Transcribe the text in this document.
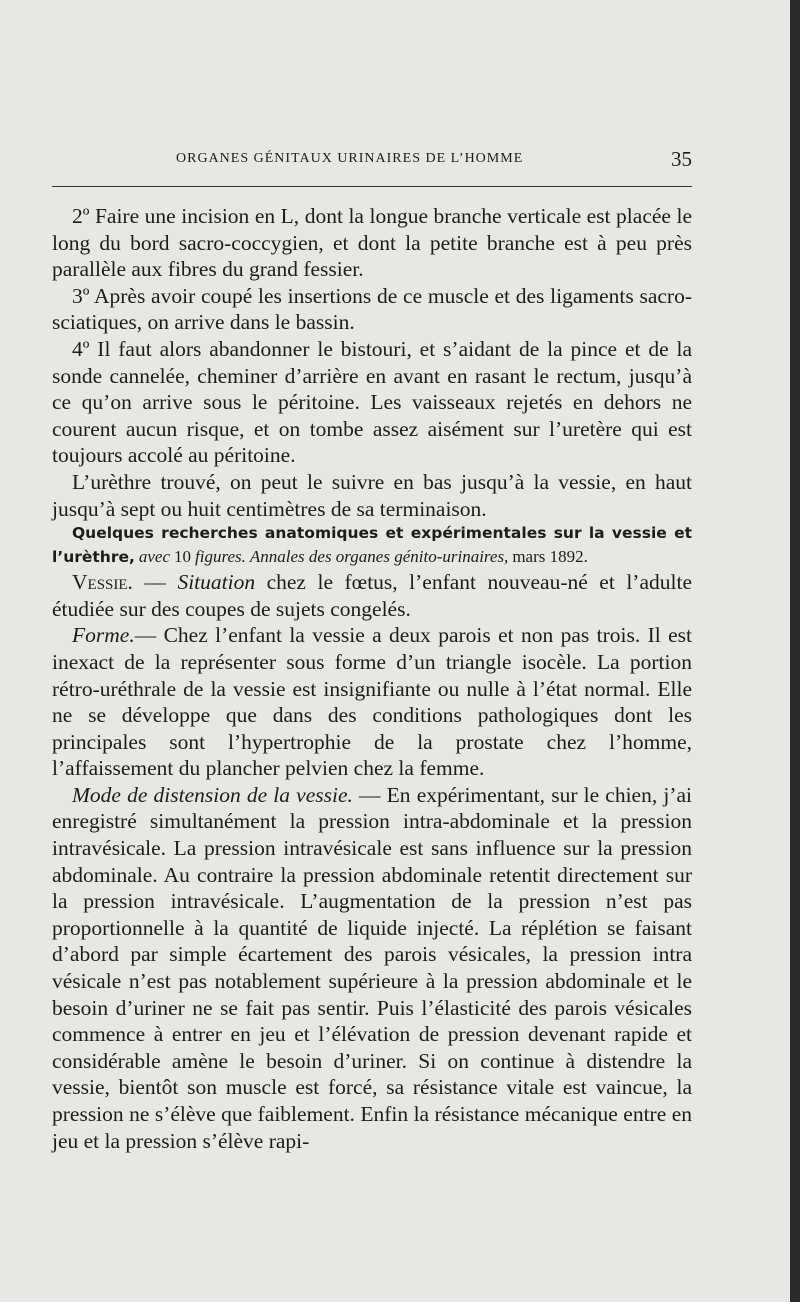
ORGANES GÉNITAUX URINAIRES DE L’HOMME	35

2º Faire une incision en L, dont la longue branche verticale est placée le long du bord sacro-coccygien, et dont la petite branche est à peu près parallèle aux fibres du grand fessier.

3º Après avoir coupé les insertions de ce muscle et des ligaments sacro-sciatiques, on arrive dans le bassin.

4º Il faut alors abandonner le bistouri, et s’aidant de la pince et de la sonde cannelée, cheminer d’arrière en avant en rasant le rectum, jusqu’à ce qu’on arrive sous le péritoine. Les vaisseaux rejetés en dehors ne courent aucun risque, et on tombe assez aisément sur l’uretère qui est toujours accolé au péritoine.

L’urèthre trouvé, on peut le suivre en bas jusqu’à la vessie, en haut jusqu’à sept ou huit centimètres de sa terminaison.

Quelques recherches anatomiques et expérimentales sur la vessie et l’urèthre, avec 10 figures. Annales des organes génito-urinaires, mars 1892.

Vessie. — Situation chez le fœtus, l’enfant nouveau-né et l’adulte étudiée sur des coupes de sujets congelés.

Forme.— Chez l’enfant la vessie a deux parois et non pas trois. Il est inexact de la représenter sous forme d’un triangle isocèle. La portion rétro-uréthrale de la vessie est insignifiante ou nulle à l’état normal. Elle ne se développe que dans des conditions pathologiques dont les principales sont l’hypertrophie de la prostate chez l’homme, l’affaissement du plancher pelvien chez la femme.

Mode de distension de la vessie. — En expérimentant, sur le chien, j’ai enregistré simultanément la pression intra-abdominale et la pression intravésicale. La pression intravésicale est sans influence sur la pression abdominale. Au contraire la pression abdominale retentit directement sur la pression intravésicale. L’augmentation de la pression n’est pas proportionnelle à la quantité de liquide injecté. La réplétion se faisant d’abord par simple écartement des parois vésicales, la pression intra vésicale n’est pas notablement supérieure à la pression abdominale et le besoin d’uriner ne se fait pas sentir. Puis l’élasticité des parois vésicales commence à entrer en jeu et l’élévation de pression devenant rapide et considérable amène le besoin d’uriner. Si on continue à distendre la vessie, bientôt son muscle est forcé, sa résistance vitale est vaincue, la pression ne s’élève que faiblement. Enfin la résistance mécanique entre en jeu et la pression s’élève rapi-
